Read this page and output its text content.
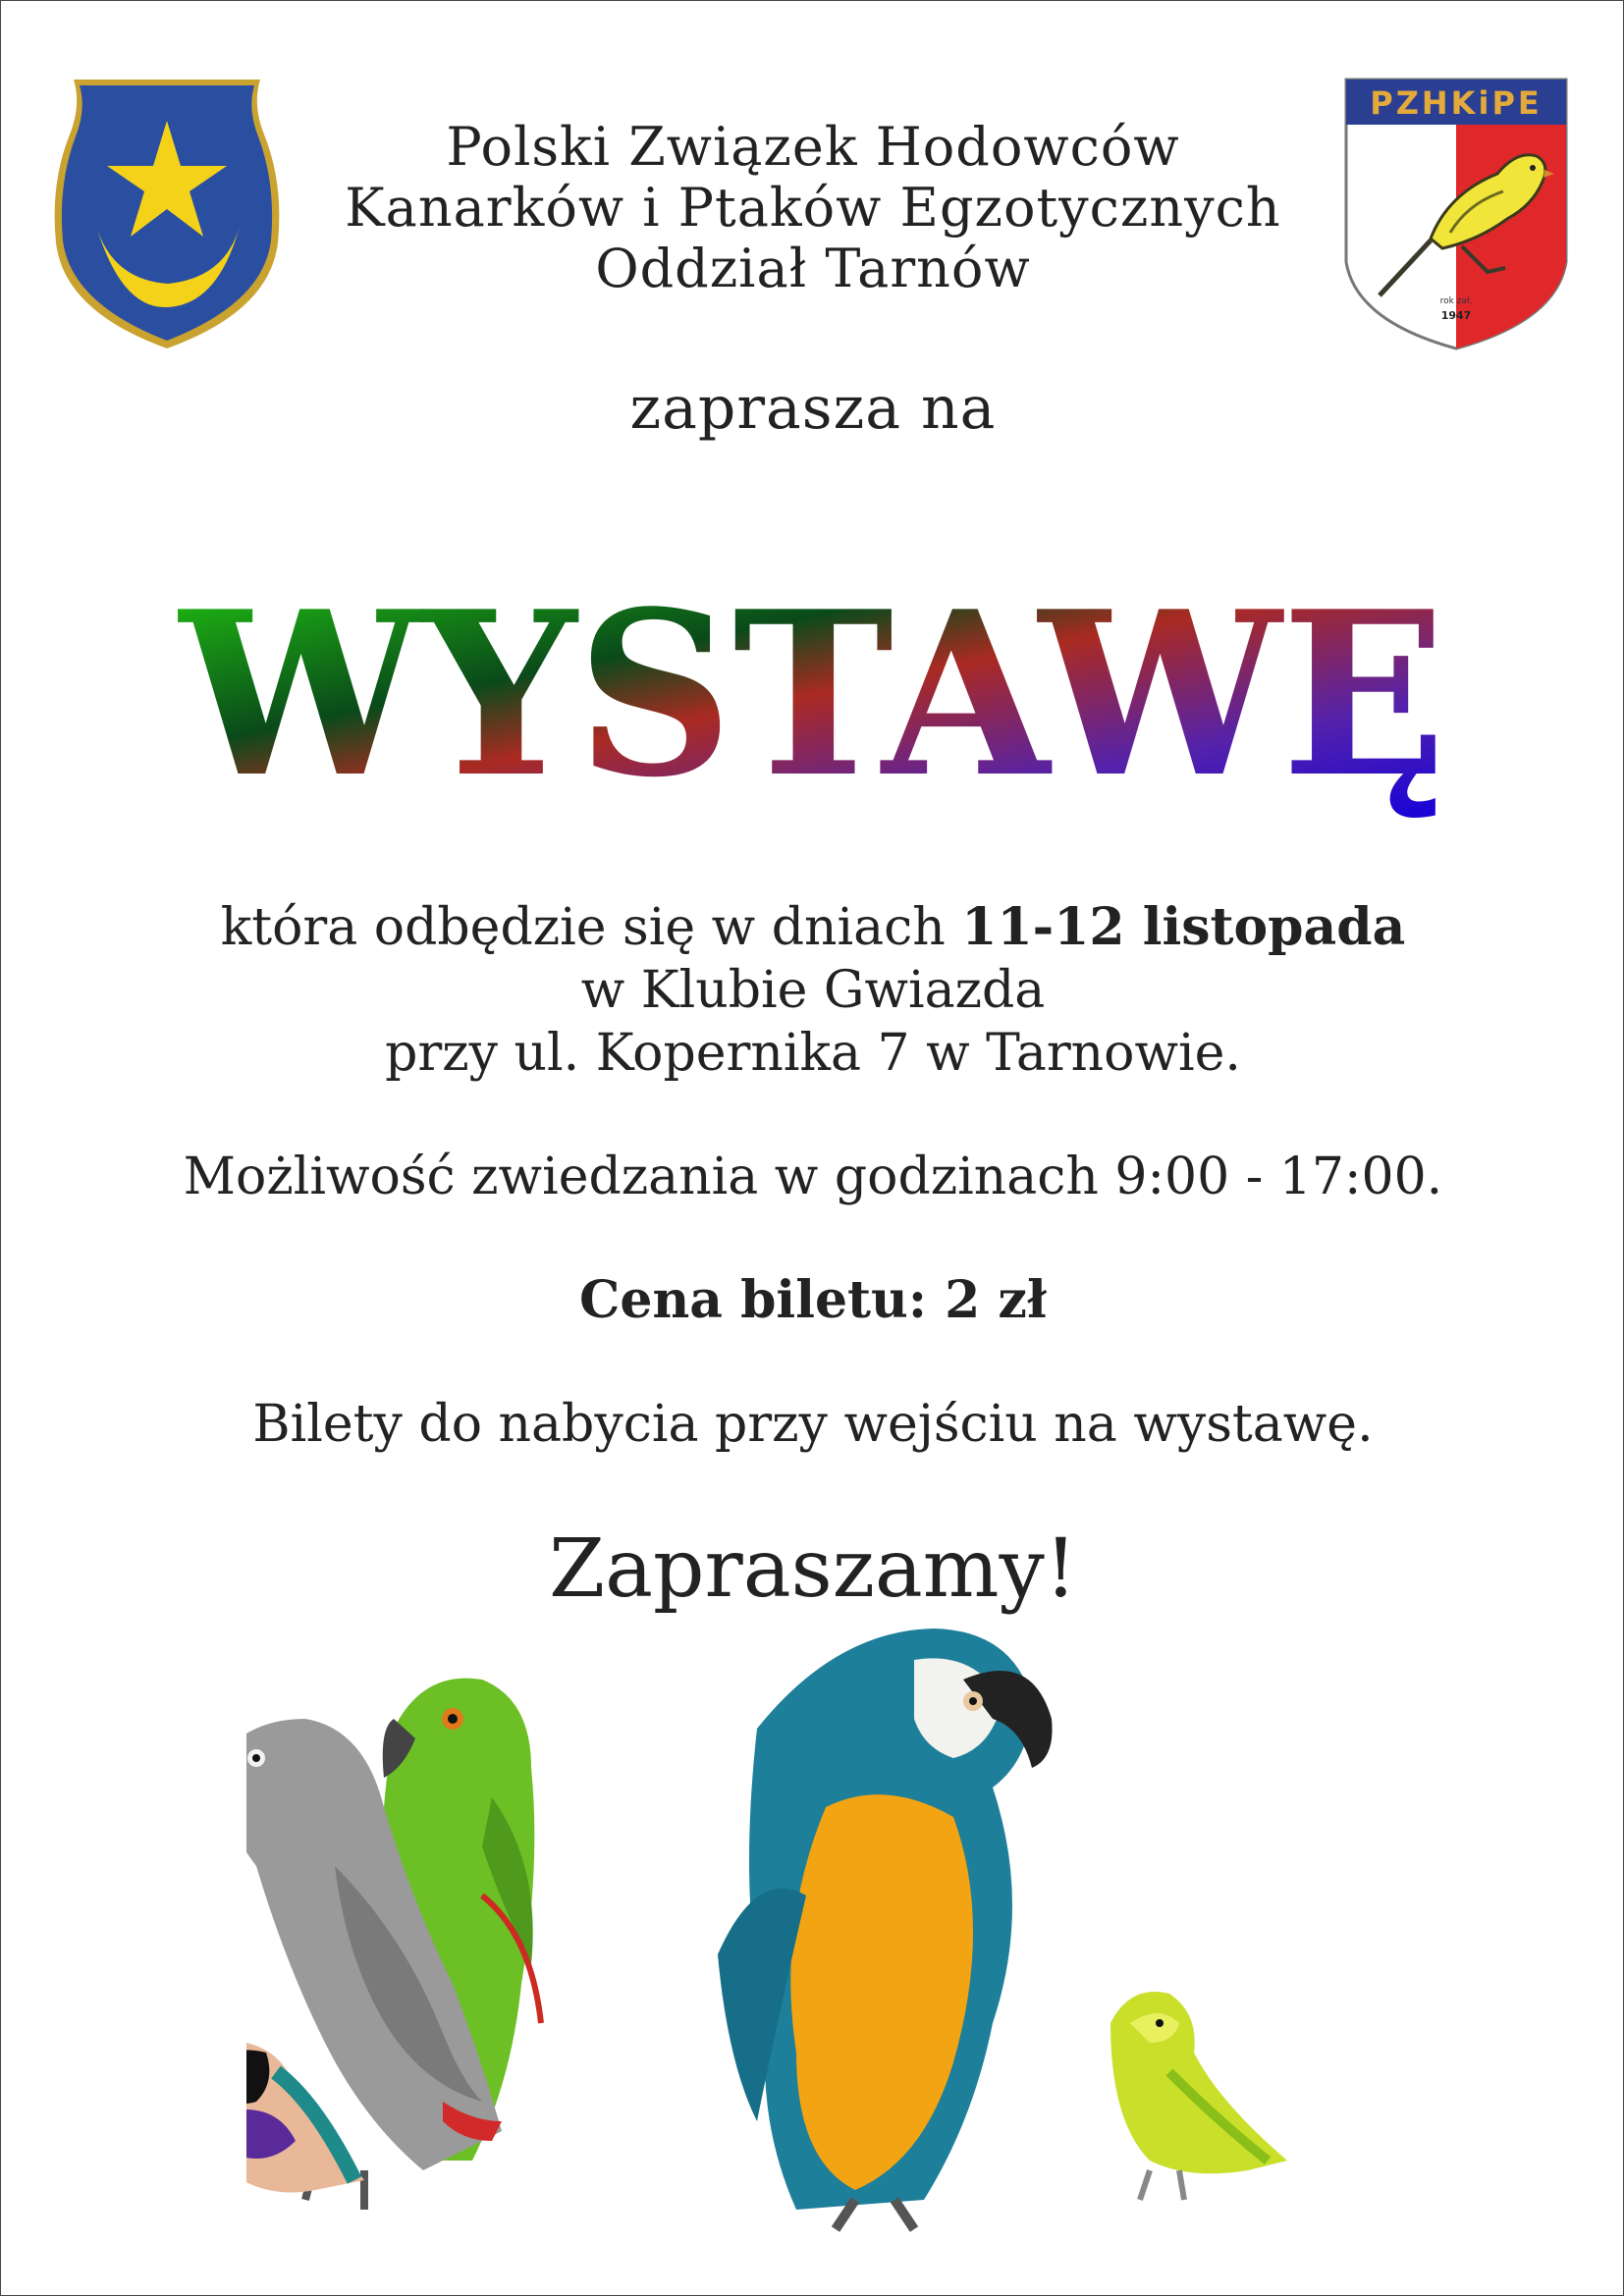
PZHKiPE
rok zał.
1947
Polski Związek Hodowców
Kanarków i Ptaków Egzotycznych
Oddział Tarnów
zaprasza na
WYSTAWĘ
która odbędzie się w dniach 11-12 listopada
w Klubie Gwiazda
przy ul. Kopernika 7 w Tarnowie.
Możliwość zwiedzania w godzinach 9:00 - 17:00.
Cena biletu: 2 zł
Bilety do nabycia przy wejściu na wystawę.
Zapraszamy!
